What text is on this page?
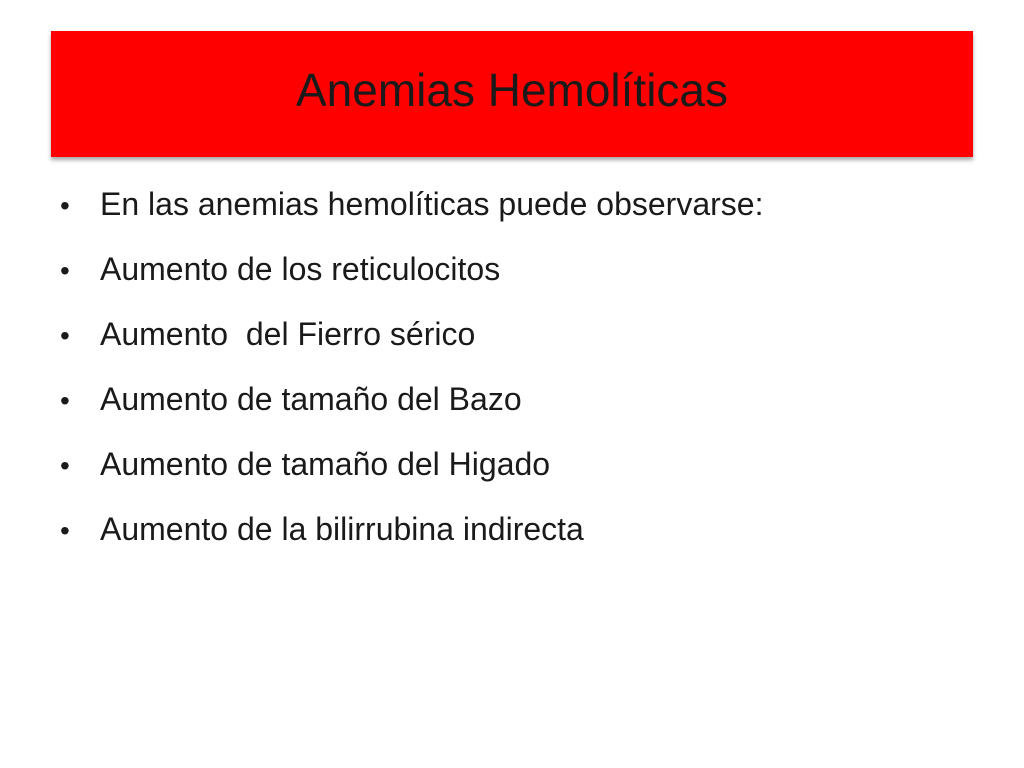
Anemias Hemolíticas
• En las anemias hemolíticas puede observarse:
• Aumento de los reticulocitos
• Aumento  del Fierro sérico
• Aumento de tamaño del Bazo
• Aumento de tamaño del Higado
• Aumento de la bilirrubina indirecta
